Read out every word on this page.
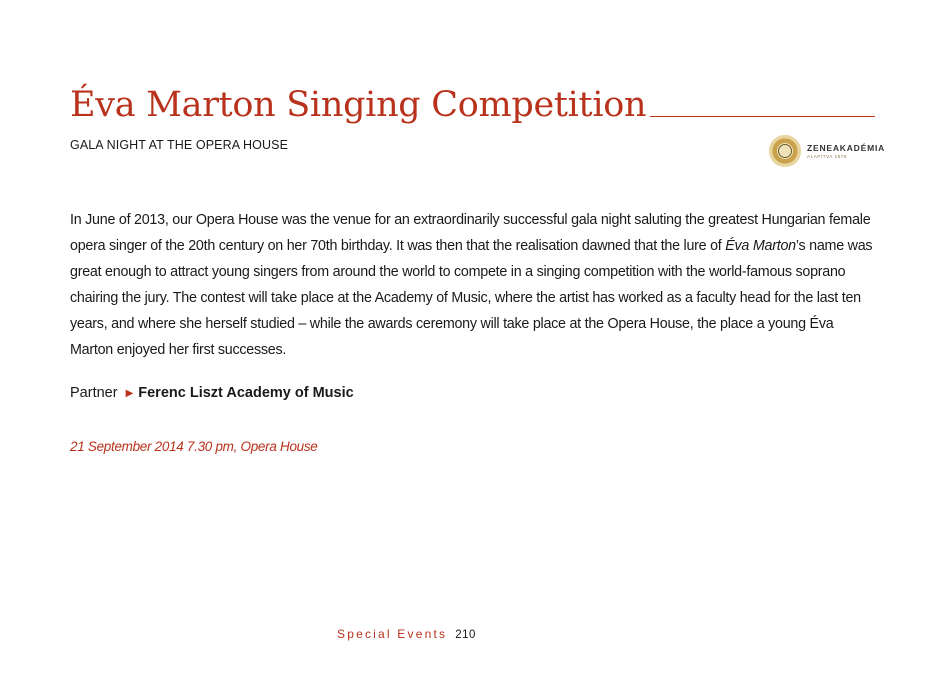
Éva Marton Singing Competition
GALA NIGHT AT THE OPERA HOUSE	ZENEAKADÉMIA
ALAPÍTVA 1875

In June of 2013, our Opera House was the venue for an extraordinarily successful gala night saluting the greatest Hungarian female opera singer of the 20th century on her 70th birthday. It was then that the realisation dawned that the lure of Éva Marton’s name was great enough to attract young singers from around the world to compete in a singing competition with the world-famous soprano chairing the jury. The contest will take place at the Academy of Music, where the artist has worked as a faculty head for the last ten years, and where she herself studied – while the awards ceremony will take place at the Opera House, the place a young Éva Marton enjoyed her first successes.

Partner ▶ Ferenc Liszt Academy of Music
21 September 2014 7.30 pm, Opera House
Special Events 210
